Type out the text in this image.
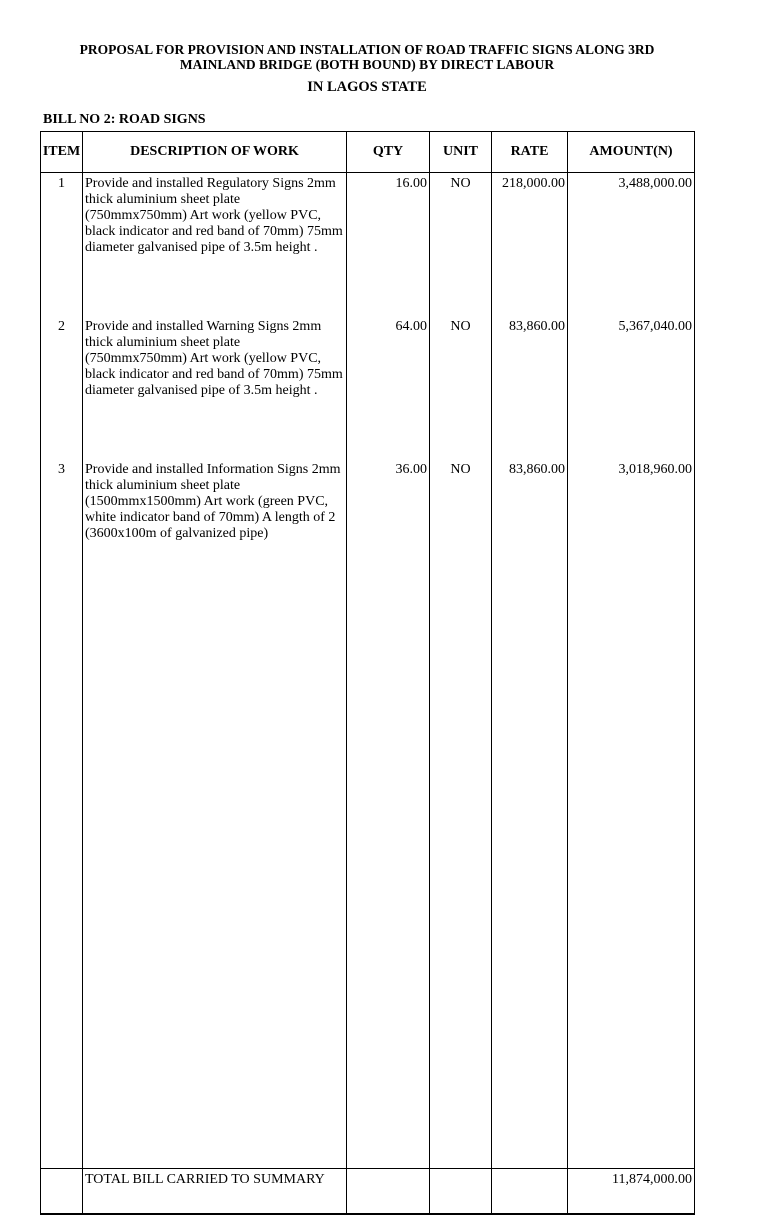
PROPOSAL FOR PROVISION AND INSTALLATION OF ROAD TRAFFIC SIGNS ALONG 3RD
MAINLAND BRIDGE (BOTH BOUND) BY DIRECT LABOUR
IN LAGOS STATE
BILL NO 2: ROAD SIGNS
ITEM	DESCRIPTION OF WORK	QTY	UNIT	RATE	AMOUNT(N)
1	Provide and installed Regulatory Signs 2mm thick aluminium sheet plate (750mmx750mm) Art work (yellow PVC, black indicator and red band of 70mm) 75mm diameter galvanised pipe of 3.5m height .	16.00	NO	218,000.00	3,488,000.00
2	Provide and installed Warning Signs 2mm thick aluminium sheet plate (750mmx750mm) Art work (yellow PVC, black indicator and red band of 70mm) 75mm diameter galvanised pipe of 3.5m height .	64.00	NO	83,860.00	5,367,040.00
3	Provide and installed Information Signs 2mm thick aluminium sheet plate (1500mmx1500mm) Art work (green PVC, white indicator band of 70mm) A length of 2 (3600x100m of galvanized pipe)	36.00	NO	83,860.00	3,018,960.00
	TOTAL BILL CARRIED TO SUMMARY				11,874,000.00
